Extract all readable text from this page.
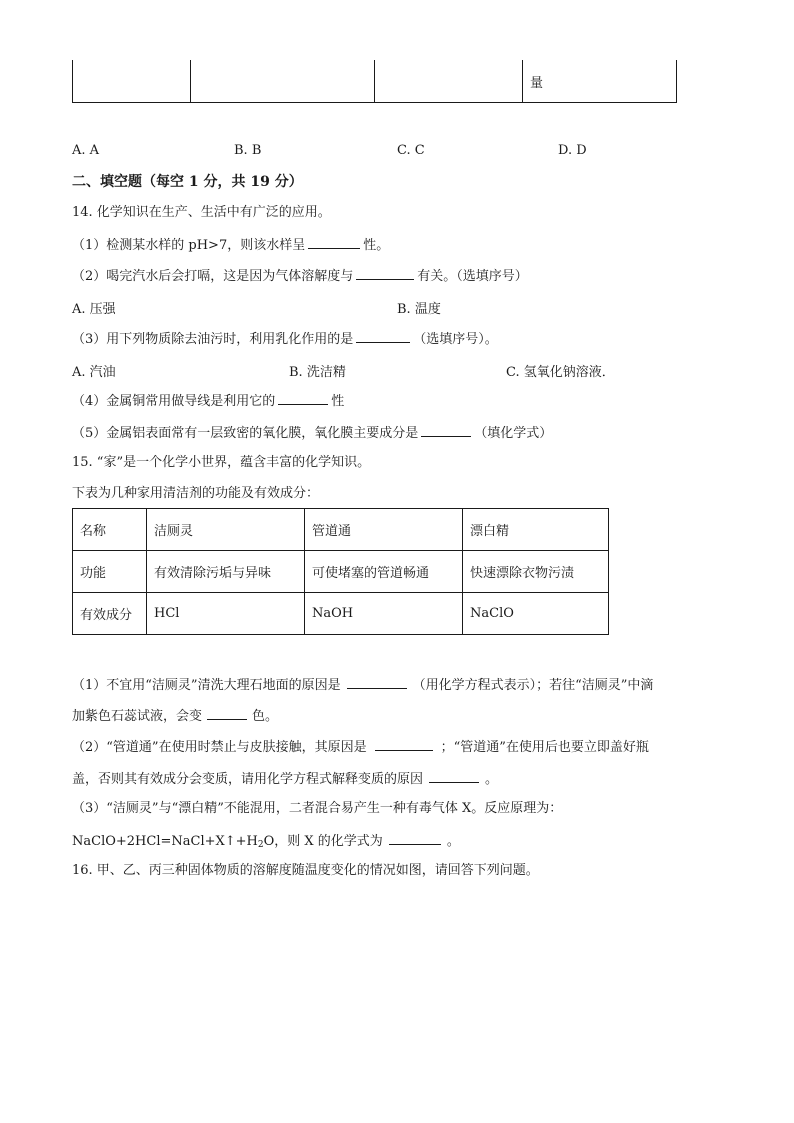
量
A. A	B. B	C. C	D. D
二、填空题（每空 1 分，共 19 分）
14. 化学知识在生产、生活中有广泛的应用。
（1）检测某水样的 pH>7，则该水样呈	性。
（2）喝完汽水后会打嗝，这是因为气体溶解度与	有关。（选填序号）
A. 压强	B. 温度
（3）用下列物质除去油污时，利用乳化作用的是	（选填序号）。
A. 汽油	B. 洗洁精	C. 氢氧化钠溶液．
（4）金属铜常用做导线是利用它的	性
（5）金属铝表面常有一层致密的氧化膜，氧化膜主要成分是	（填化学式）
15. “家”是一个化学小世界，蕴含丰富的化学知识。
下表为几种家用清洁剂的功能及有效成分：
名称	洁厕灵	管道通	漂白精
功能	有效清除污垢与异味	可使堵塞的管道畅通	快速漂除衣物污渍
有效成分	HCl	NaOH	NaClO
（1）不宜用“洁厕灵”清洗大理石地面的原因是	（用化学方程式表示）；若往“洁厕灵”中滴
加紫色石蕊试液，会变	色。
（2）“管道通”在使用时禁止与皮肤接触，其原因是	；“管道通”在使用后也要立即盖好瓶
盖，否则其有效成分会变质，请用化学方程式解释变质的原因	。
（3）“洁厕灵”与“漂白精”不能混用，二者混合易产生一种有毒气体 X。反应原理为：
$NaClO+2HCl=NaCl+X↑+H_2O$，则 X 的化学式为	。
16. 甲、乙、丙三种固体物质的溶解度随温度变化的情况如图，请回答下列问题。
